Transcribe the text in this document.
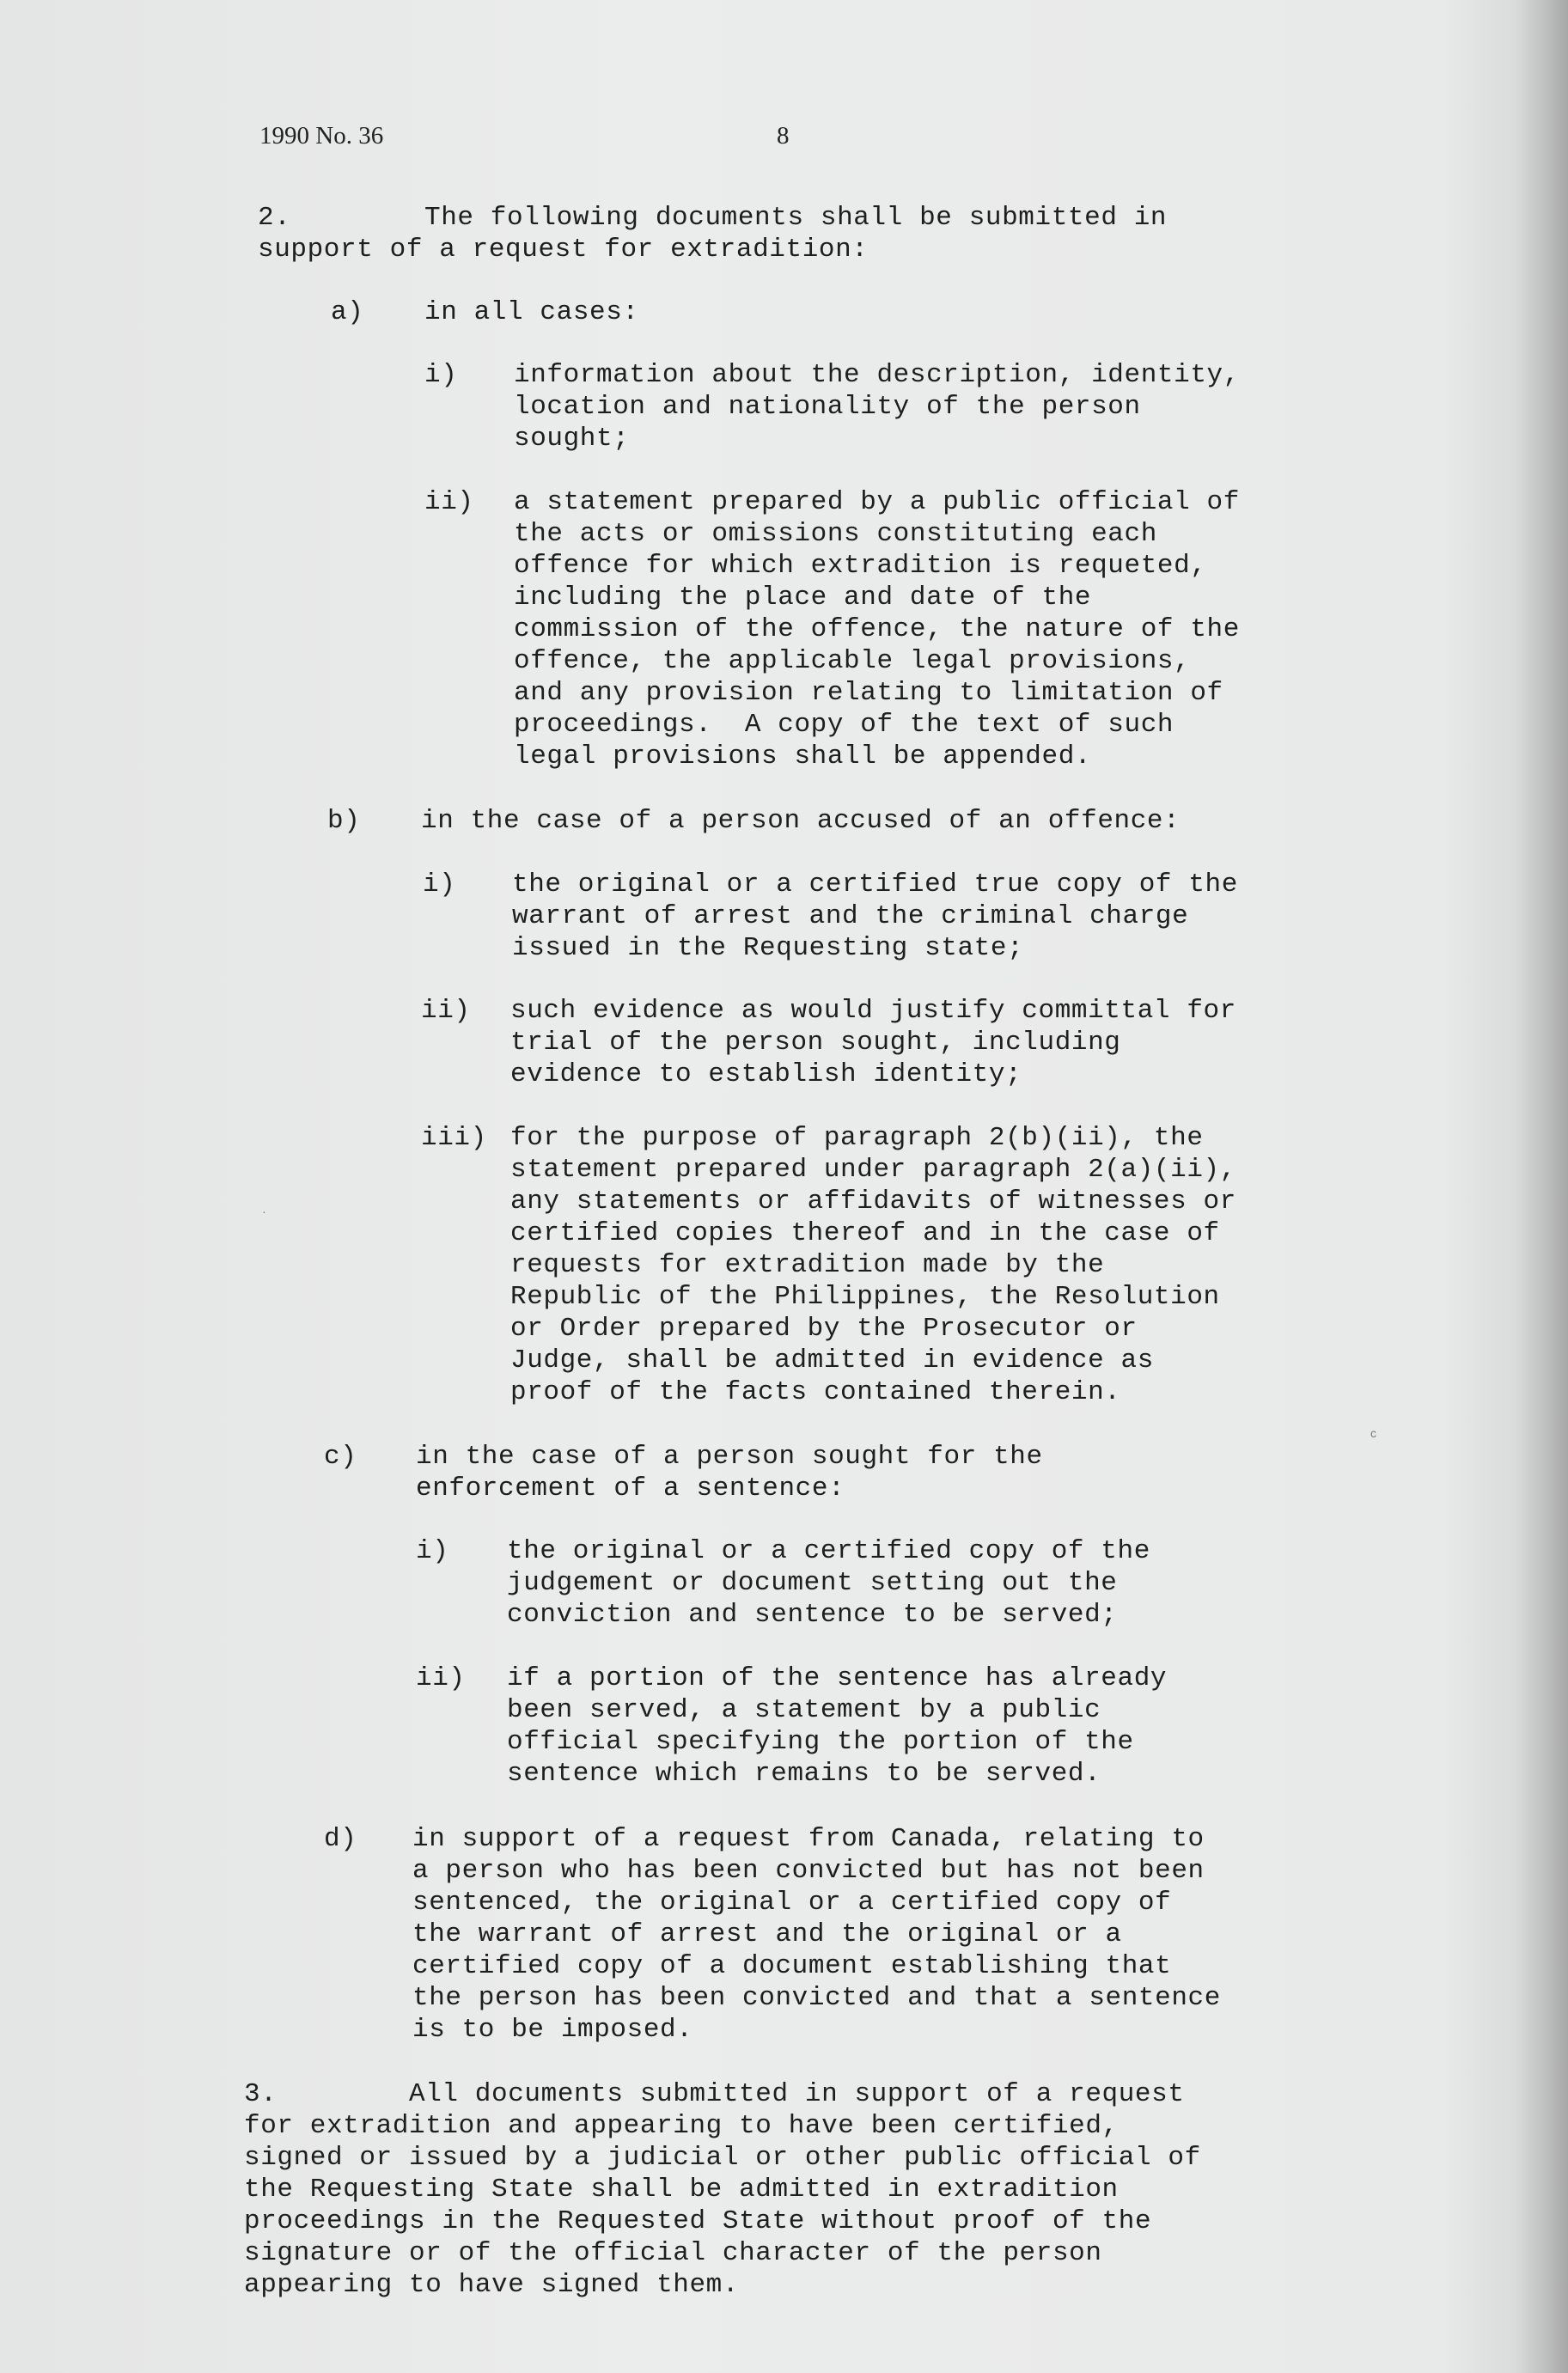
1990 No. 36	8
2.	The following documents shall be submitted in
support of a request for extradition:
a) in all cases:
i) information about the description, identity,
location and nationality of the person
sought;
ii) a statement prepared by a public official of
the acts or omissions constituting each
offence for which extradition is requeted,
including the place and date of the
commission of the offence, the nature of the
offence, the applicable legal provisions,
and any provision relating to limitation of
proceedings.  A copy of the text of such
legal provisions shall be appended.
b) in the case of a person accused of an offence:
i) the original or a certified true copy of the
warrant of arrest and the criminal charge
issued in the Requesting state;
ii) such evidence as would justify committal for
trial of the person sought, including
evidence to establish identity;
iii) for the purpose of paragraph 2(b)(ii), the
statement prepared under paragraph 2(a)(ii),
any statements or affidavits of witnesses or
certified copies thereof and in the case of
requests for extradition made by the
Republic of the Philippines, the Resolution
or Order prepared by the Prosecutor or
Judge, shall be admitted in evidence as
proof of the facts contained therein.
·
c
c) in the case of a person sought for the
enforcement of a sentence:
i) the original or a certified copy of the
judgement or document setting out the
conviction and sentence to be served;
ii) if a portion of the sentence has already
been served, a statement by a public
official specifying the portion of the
sentence which remains to be served.
d) in support of a request from Canada, relating to
a person who has been convicted but has not been
sentenced, the original or a certified copy of
the warrant of arrest and the original or a
certified copy of a document establishing that
the person has been convicted and that a sentence
is to be imposed.
3.	All documents submitted in support of a request
for extradition and appearing to have been certified,
signed or issued by a judicial or other public official of
the Requesting State shall be admitted in extradition
proceedings in the Requested State without proof of the
signature or of the official character of the person
appearing to have signed them.
